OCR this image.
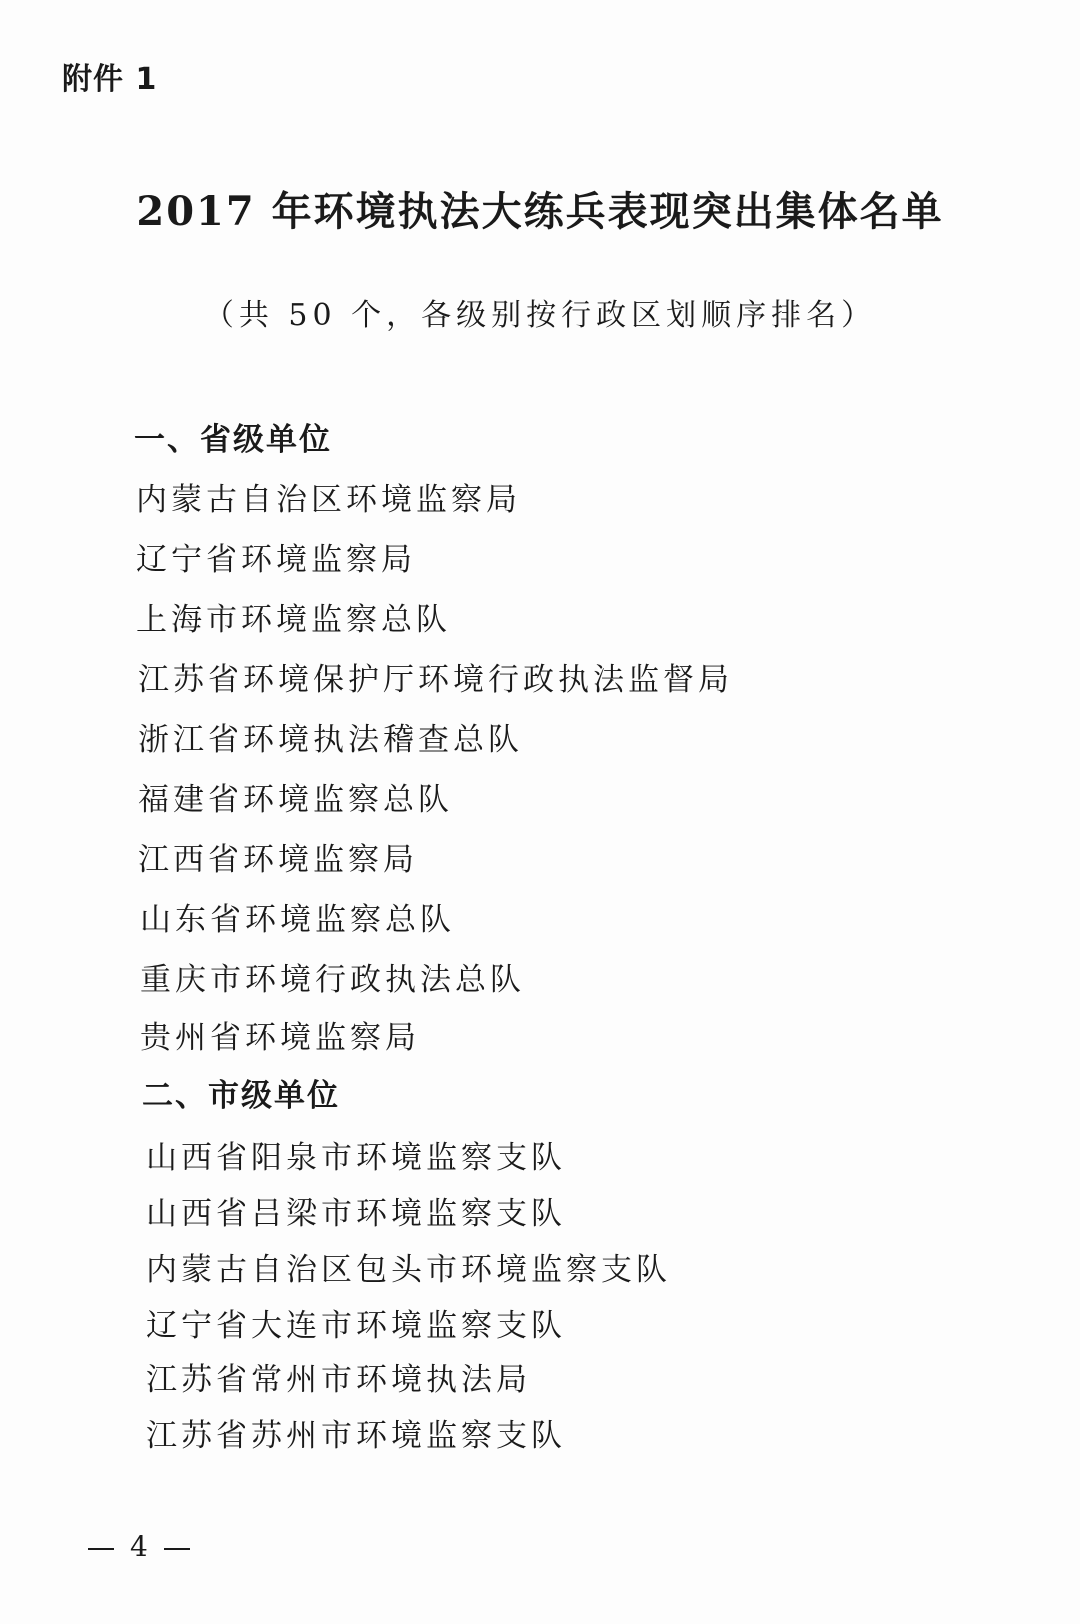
附件 1
2017 年环境执法大练兵表现突出集体名单
（共 50 个，各级别按行政区划顺序排名）
一、省级单位
内蒙古自治区环境监察局
辽宁省环境监察局
上海市环境监察总队
江苏省环境保护厅环境行政执法监督局
浙江省环境执法稽查总队
福建省环境监察总队
江西省环境监察局
山东省环境监察总队
重庆市环境行政执法总队
贵州省环境监察局
二、市级单位
山西省阳泉市环境监察支队
山西省吕梁市环境监察支队
内蒙古自治区包头市环境监察支队
辽宁省大连市环境监察支队
江苏省常州市环境执法局
江苏省苏州市环境监察支队
4
